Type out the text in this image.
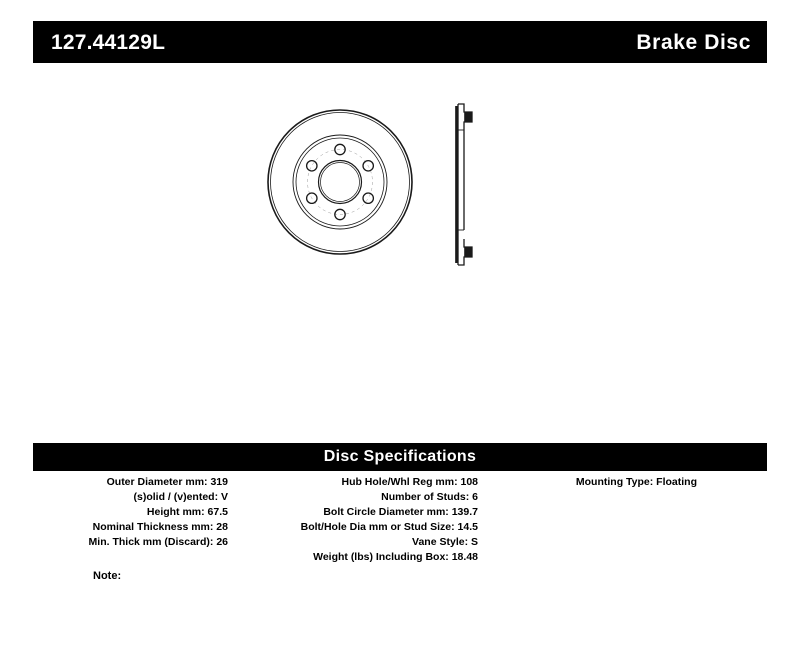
127.44129L	Brake Disc
Disc Specifications
Outer Diameter mm: 319
(s)olid / (v)ented: V
Height mm: 67.5
Nominal Thickness mm: 28
Min. Thick mm (Discard): 26
Hub Hole/Whl Reg mm: 108
Number of Studs: 6
Bolt Circle Diameter mm: 139.7
Bolt/Hole Dia mm or Stud Size: 14.5
Vane Style: S
Weight (lbs) Including Box: 18.48
Mounting Type: Floating
Note:
